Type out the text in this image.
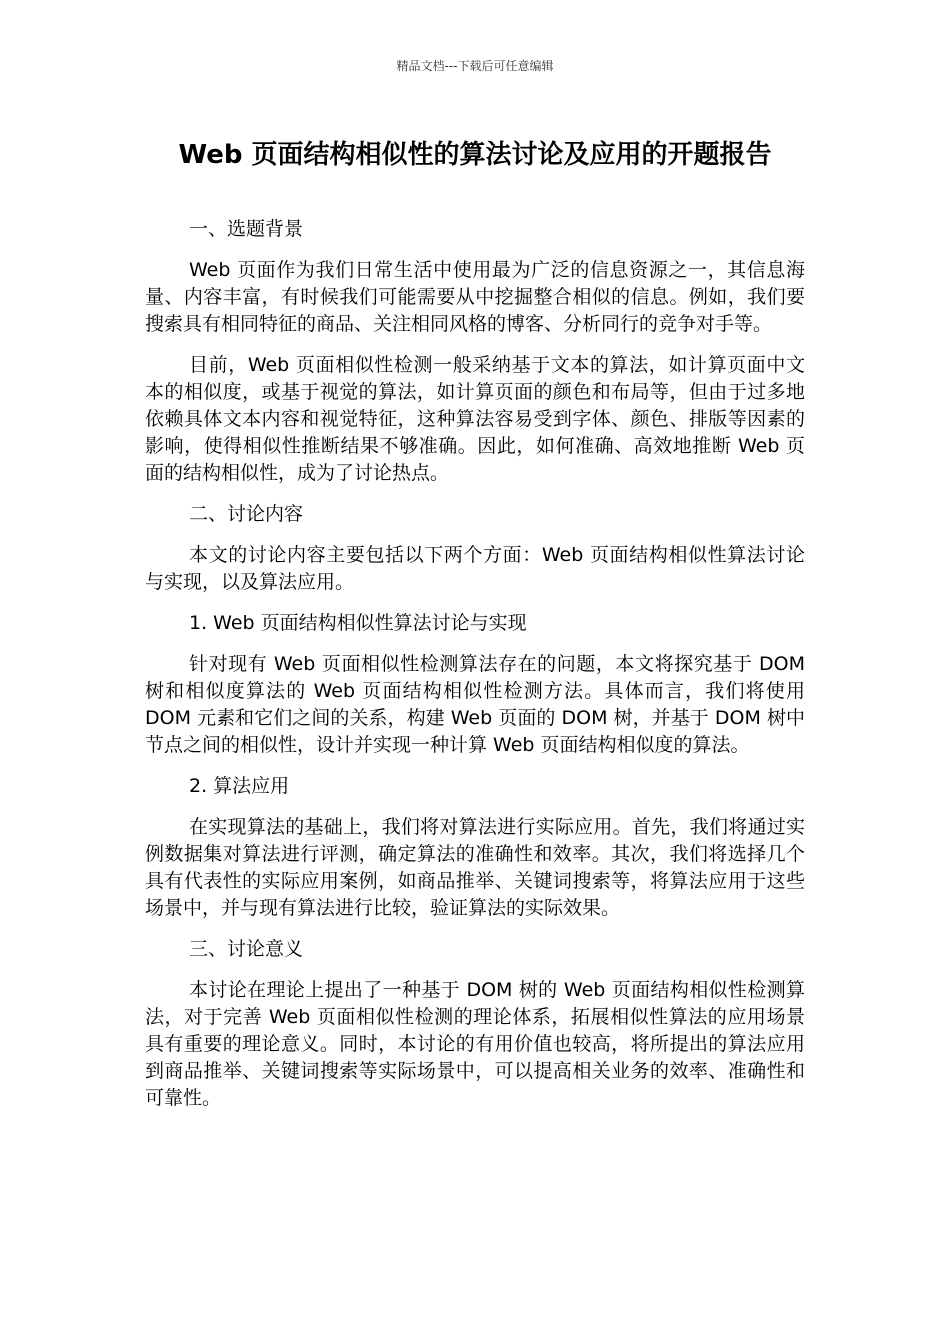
精品文档---下载后可任意编辑
Web 页面结构相似性的算法讨论及应用的开题报告

一、选题背景

Web 页面作为我们日常生活中使用最为广泛的信息资源之一，其信息海量、内容丰富，有时候我们可能需要从中挖掘整合相似的信息。例如，我们要搜索具有相同特征的商品、关注相同风格的博客、分析同行的竞争对手等。

目前，Web 页面相似性检测一般采纳基于文本的算法，如计算页面中文本的相似度，或基于视觉的算法，如计算页面的颜色和布局等，但由于过多地依赖具体文本内容和视觉特征，这种算法容易受到字体、颜色、排版等因素的影响，使得相似性推断结果不够准确。因此，如何准确、高效地推断 Web 页面的结构相似性，成为了讨论热点。

二、讨论内容

本文的讨论内容主要包括以下两个方面：Web 页面结构相似性算法讨论与实现，以及算法应用。

1. Web 页面结构相似性算法讨论与实现

针对现有 Web 页面相似性检测算法存在的问题，本文将探究基于 DOM 树和相似度算法的 Web 页面结构相似性检测方法。具体而言，我们将使用 DOM 元素和它们之间的关系，构建 Web 页面的 DOM 树，并基于 DOM 树中节点之间的相似性，设计并实现一种计算 Web 页面结构相似度的算法。

2. 算法应用

在实现算法的基础上，我们将对算法进行实际应用。首先，我们将通过实例数据集对算法进行评测，确定算法的准确性和效率。其次，我们将选择几个具有代表性的实际应用案例，如商品推举、关键词搜索等，将算法应用于这些场景中，并与现有算法进行比较，验证算法的实际效果。

三、讨论意义

本讨论在理论上提出了一种基于 DOM 树的 Web 页面结构相似性检测算法，对于完善 Web 页面相似性检测的理论体系，拓展相似性算法的应用场景具有重要的理论意义。同时，本讨论的有用价值也较高，将所提出的算法应用到商品推举、关键词搜索等实际场景中，可以提高相关业务的效率、准确性和可靠性。
